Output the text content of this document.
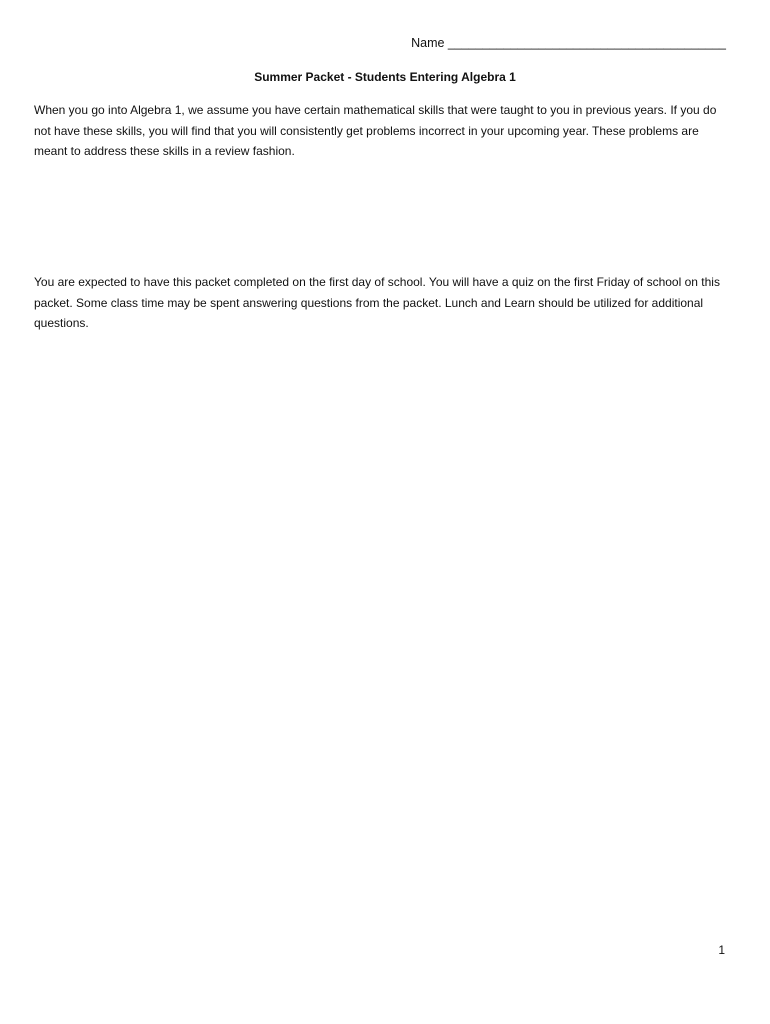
Name ________________________________________
Summer Packet - Students Entering Algebra 1

When you go into Algebra 1, we assume you have certain mathematical skills that were taught to you in previous years. If you do not have these skills, you will find that you will consistently get problems incorrect in your upcoming year. These problems are meant to address these skills in a review fashion.

You are expected to have this packet completed on the first day of school. You will have a quiz on the first Friday of school on this packet. Some class time may be spent answering questions from the packet. Lunch and Learn should be utilized for additional questions.

1
